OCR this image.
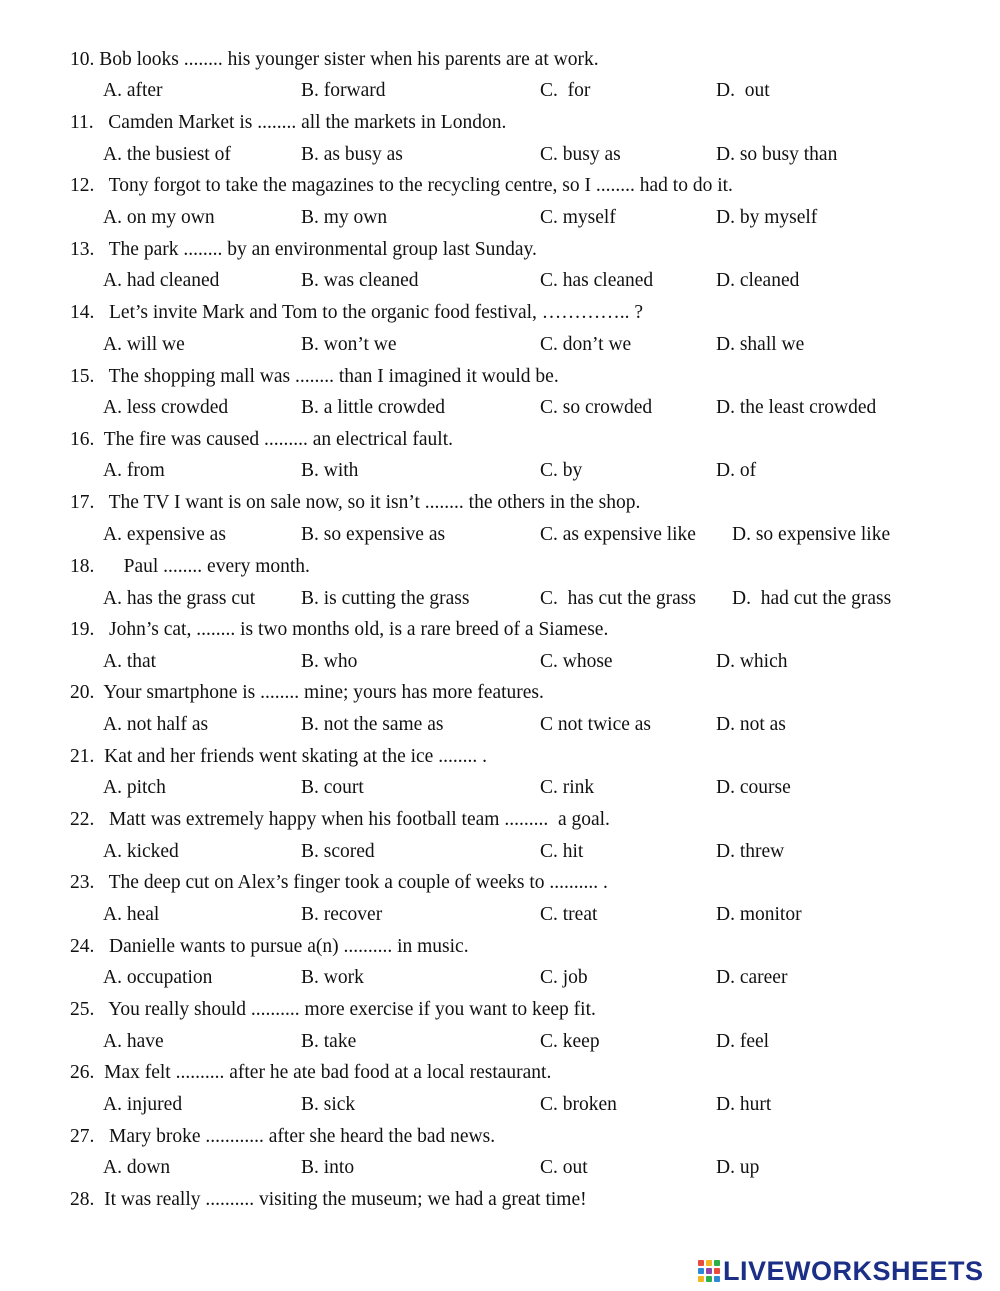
10. Bob looks ........ his younger sister when his parents are at work.
A. after	B. forward	C.  for	D.  out
11.   Camden Market is ........ all the markets in London.
A. the busiest of	B. as busy as	C. busy as	D. so busy than
12.   Tony forgot to take the magazines to the recycling centre, so I ........ had to do it.
A. on my own	B. my own	C. myself	D. by myself
13.   The park ........ by an environmental group last Sunday.
A. had cleaned	B. was cleaned	C. has cleaned	D. cleaned
14.   Let’s invite Mark and Tom to the organic food festival, ………….. ?
A. will we	B. won’t we	C. don’t we	D. shall we
15.   The shopping mall was ........ than I imagined it would be.
A. less crowded	B. a little crowded	C. so crowded	D. the least crowded
16.  The fire was caused ......... an electrical fault.
A. from	B. with	C. by	D. of
17.   The TV I want is on sale now, so it isn’t ........ the others in the shop.
A. expensive as	B. so expensive as	C. as expensive like D. so expensive like
18.      Paul ........ every month.
A. has the grass cut B. is cutting the grass	C.  has cut the grass D.  had cut the grass
19.   John’s cat, ........ is two months old, is a rare breed of a Siamese.
A. that	B. who	C. whose	D. which
20.  Your smartphone is ........ mine; yours has more features.
A. not half as	B. not the same as	C not twice as	D. not as
21.  Kat and her friends went skating at the ice ........ .
A. pitch	B. court	C. rink	D. course
22.   Matt was extremely happy when his football team .........  a goal.
A. kicked	B. scored	C. hit	D. threw
23.   The deep cut on Alex’s finger took a couple of weeks to .......... .
A. heal	B. recover	C. treat	D. monitor
24.   Danielle wants to pursue a(n) .......... in music.
A. occupation	B. work	C. job	D. career
25.   You really should .......... more exercise if you want to keep fit.
A. have	B. take	C. keep	D. feel
26.  Max felt .......... after he ate bad food at a local restaurant.
A. injured	B. sick	C. broken	D. hurt
27.   Mary broke ............ after she heard the bad news.
A. down	B. into	C. out	D. up
28.  It was really .......... visiting the museum; we had a great time!
LIVEWORKSHEETS
